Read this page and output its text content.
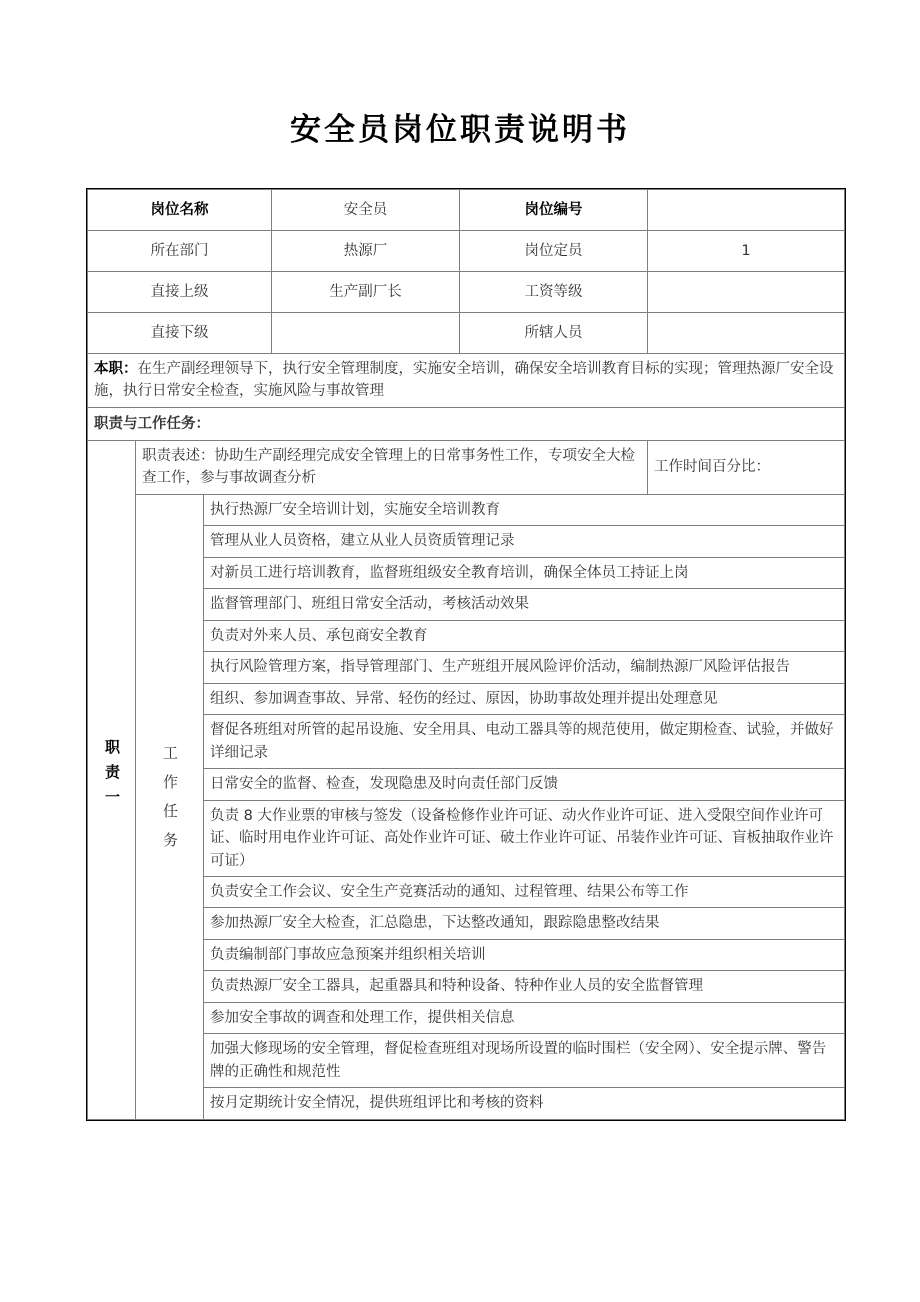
安全员岗位职责说明书
岗位名称			安全员	岗位编号	
所在部门			热源厂	岗位定员	1
直接上级			生产副厂长	工资等级	
直接下级				所辖人员	
本职：在生产副经理领导下，执行安全管理制度，实施安全培训，确保安全培训教育目标的实现；管理热源厂安全设施，执行日常安全检查，实施风险与事故管理					
职责与工作任务：					
职责一	职责表述：协助生产副经理完成安全管理上的日常事务性工作，专项安全大检查工作，参与事故调查分析				工作时间百分比：
	工作任务	执行热源厂安全培训计划，实施安全培训教育			
		管理从业人员资格，建立从业人员资质管理记录			
		对新员工进行培训教育，监督班组级安全教育培训，确保全体员工持证上岗			
		监督管理部门、班组日常安全活动，考核活动效果			
		负责对外来人员、承包商安全教育			
		执行风险管理方案，指导管理部门、生产班组开展风险评价活动，编制热源厂风险评估报告			
		组织、参加调查事故、异常、轻伤的经过、原因，协助事故处理并提出处理意见			
		督促各班组对所管的起吊设施、安全用具、电动工器具等的规范使用，做定期检查、试验，并做好详细记录			
		日常安全的监督、检查，发现隐患及时向责任部门反馈			
		负责 8 大作业票的审核与签发（设备检修作业许可证、动火作业许可证、进入受限空间作业许可证、临时用电作业许可证、高处作业许可证、破土作业许可证、吊装作业许可证、盲板抽取作业许可证）			
		负责安全工作会议、安全生产竞赛活动的通知、过程管理、结果公布等工作			
		参加热源厂安全大检查，汇总隐患，下达整改通知，跟踪隐患整改结果			
		负责编制部门事故应急预案并组织相关培训			
		负责热源厂安全工器具，起重器具和特种设备、特种作业人员的安全监督管理			
		参加安全事故的调查和处理工作，提供相关信息			
		加强大修现场的安全管理，督促检查班组对现场所设置的临时围栏（安全网）、安全提示牌、警告牌的正确性和规范性			
		按月定期统计安全情况，提供班组评比和考核的资料			
